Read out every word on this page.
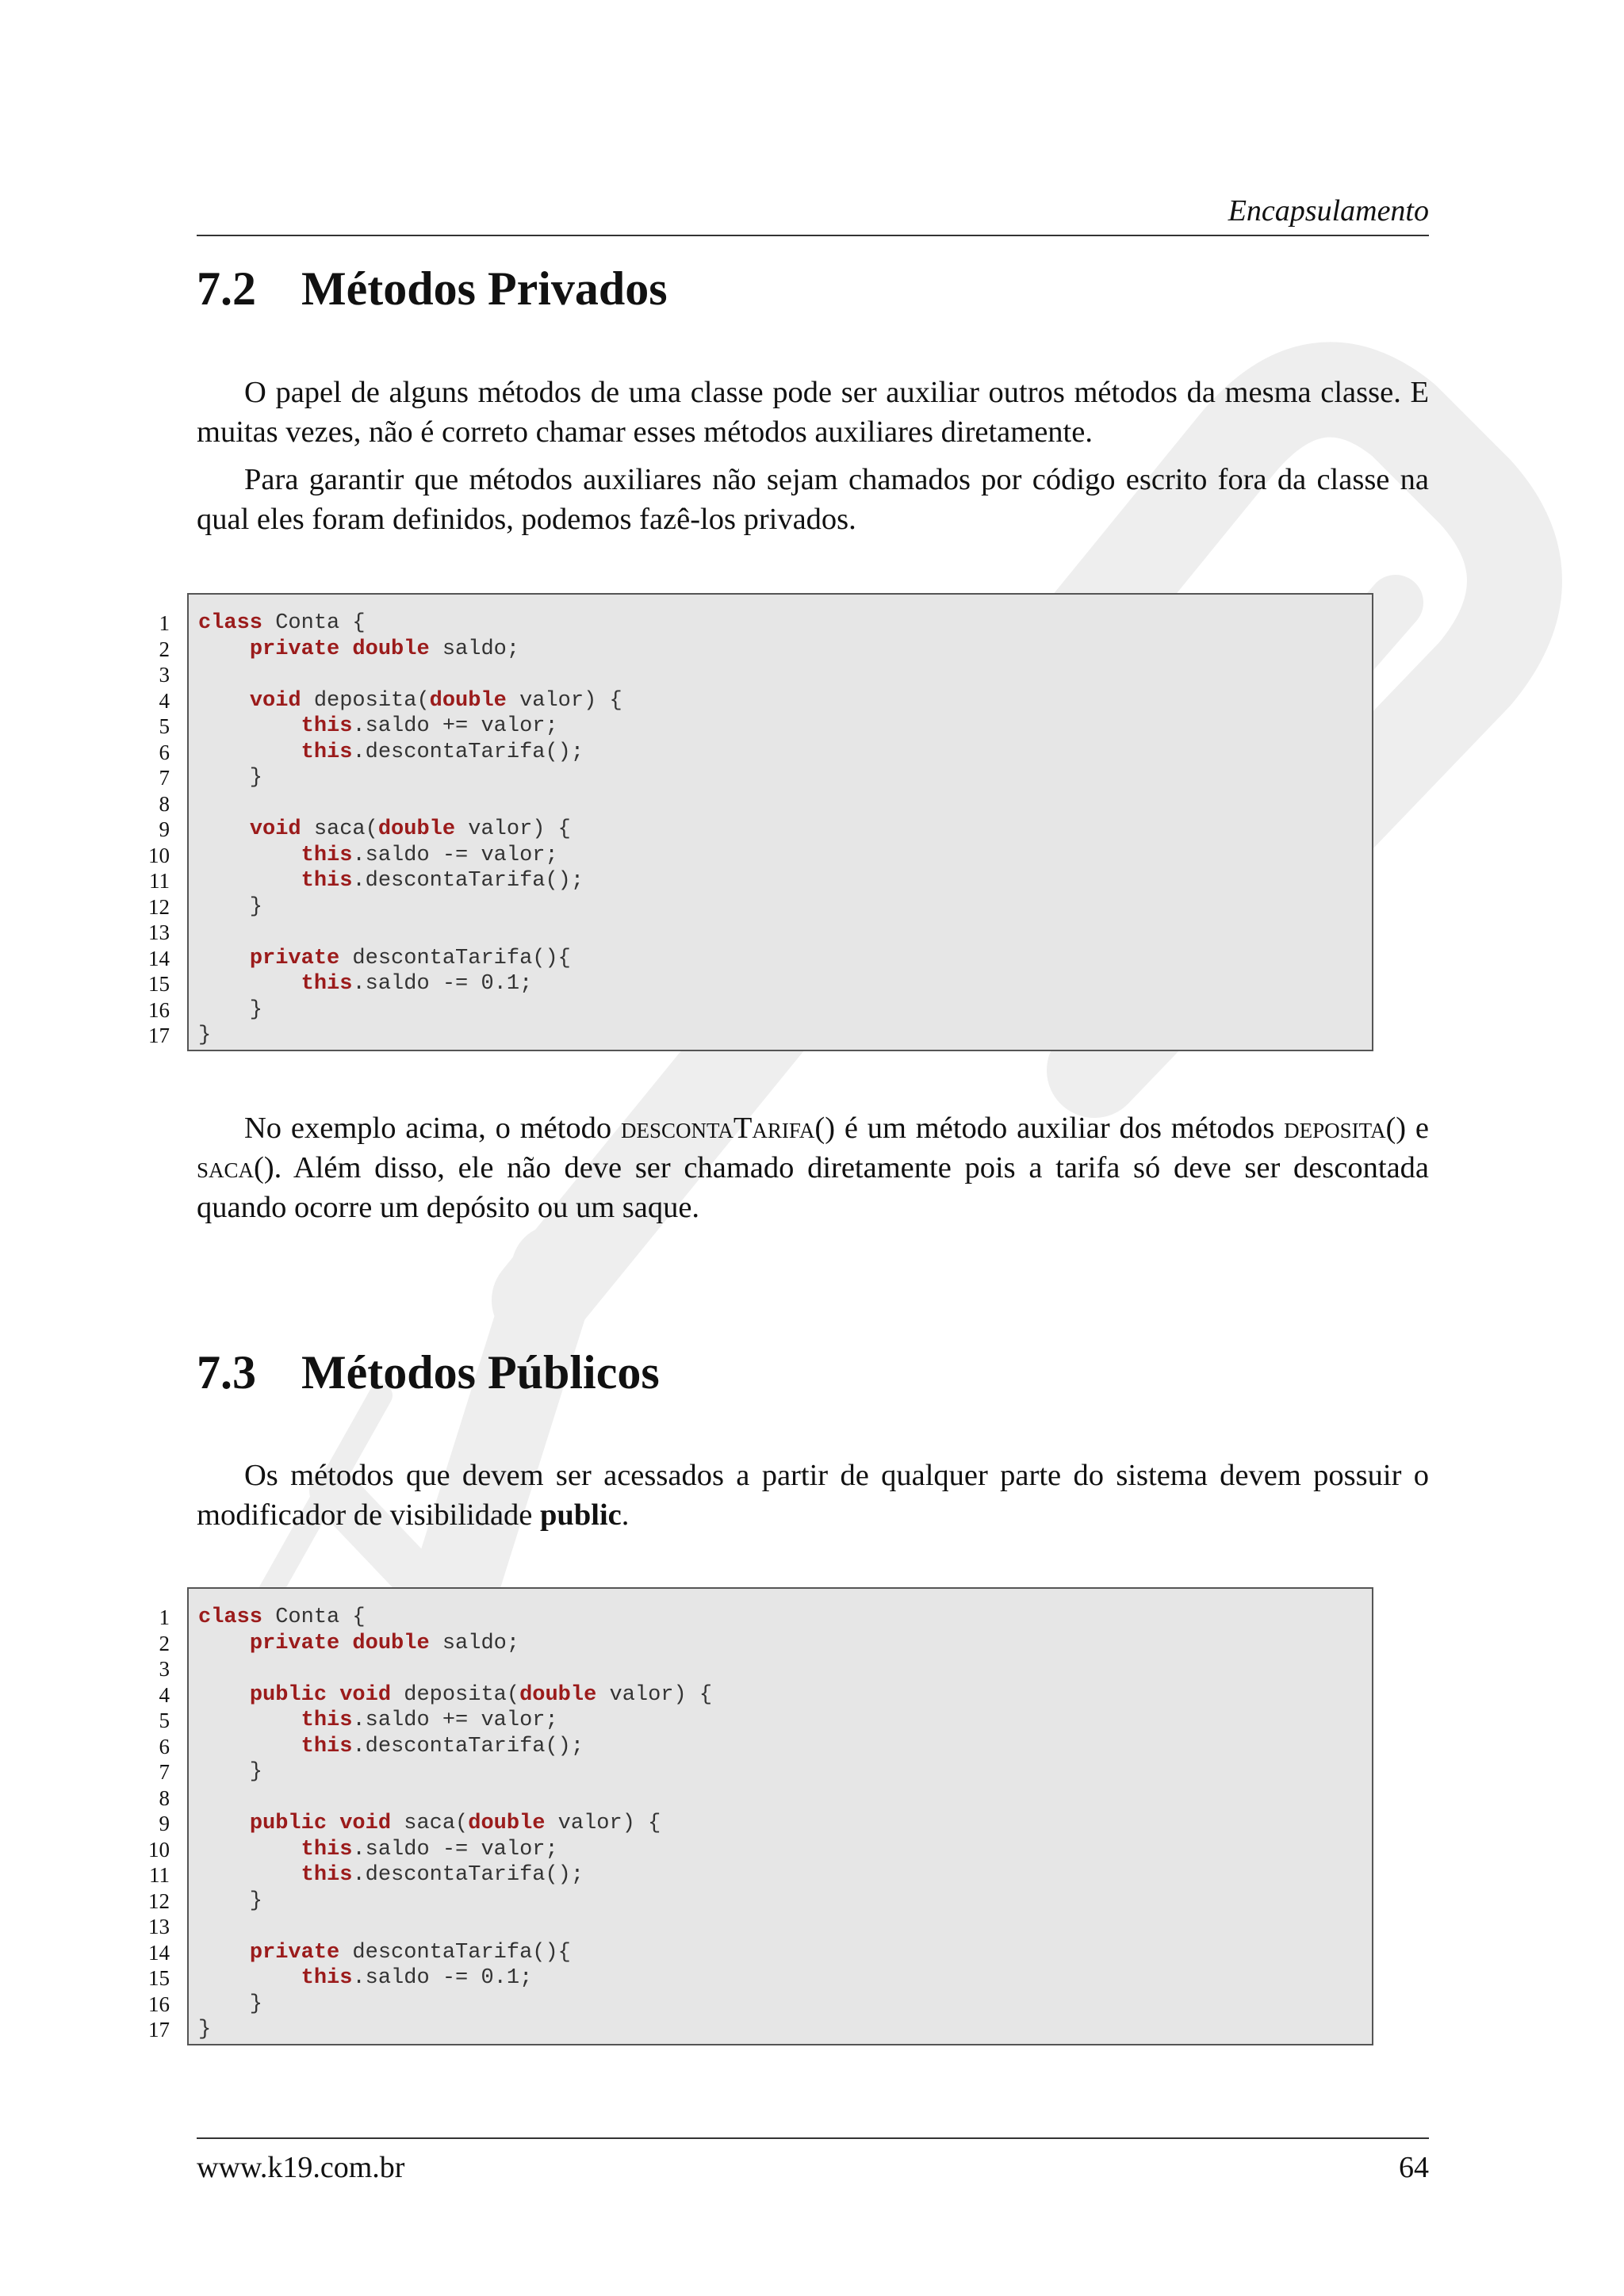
Encapsulamento
7.2 Métodos Privados

O papel de alguns métodos de uma classe pode ser auxiliar outros métodos da mesma classe. E muitas vezes, não é correto chamar esses métodos auxiliares diretamente.

Para garantir que métodos auxiliares não sejam chamados por código escrito fora da classe na qual eles foram definidos, podemos fazê-los privados.

1
2
3
4
5
6
7
8
9
10
11
12
13
14
15
16
17
class Conta {
private double saldo;
void deposita(double valor) {
this.saldo += valor;
this.descontaTarifa();
}
void saca(double valor) {
this.saldo -= valor;
this.descontaTarifa();
}
private descontaTarifa(){
this.saldo -= 0.1;
}
}

No exemplo acima, o método descontaTarifa() é um método auxiliar dos métodos deposita() e saca(). Além disso, ele não deve ser chamado diretamente pois a tarifa só deve ser descontada quando ocorre um depósito ou um saque.

7.3 Métodos Públicos

Os métodos que devem ser acessados a partir de qualquer parte do sistema devem possuir o modificador de visibilidade public.

1
2
3
4
5
6
7
8
9
10
11
12
13
14
15
16
17
class Conta {
private double saldo;
public void deposita(double valor) {
this.saldo += valor;
this.descontaTarifa();
}
public void saca(double valor) {
this.saldo -= valor;
this.descontaTarifa();
}
private descontaTarifa(){
this.saldo -= 0.1;
}
}
www.k19.com.br	64
